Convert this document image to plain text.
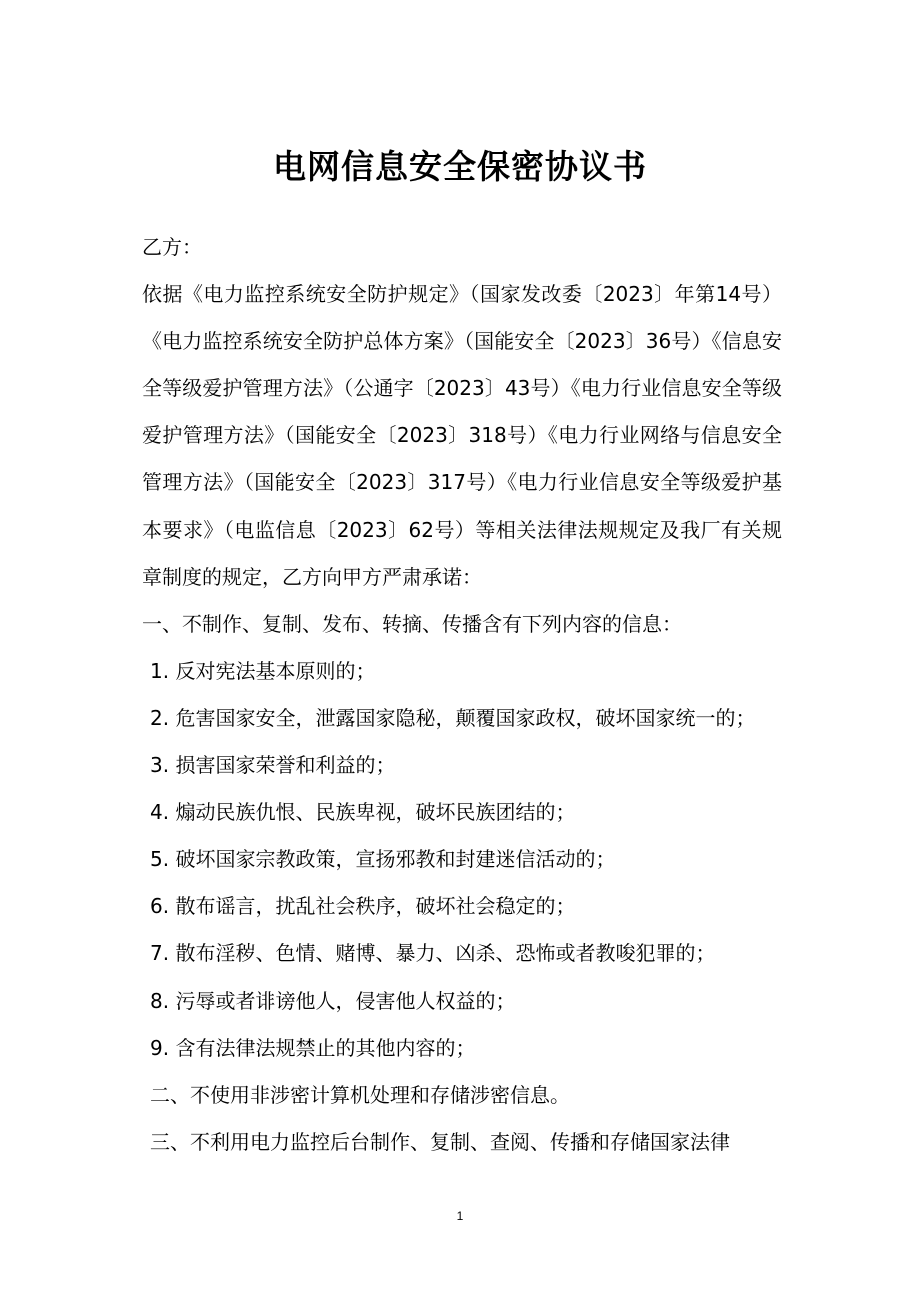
电网信息安全保密协议书
乙方：
依据《电力监控系统安全防护规定》（国家发改委〔2023〕年第14号）《电力监控系统安全防护总体方案》（国能安全〔2023〕36号）《信息安全等级爱护管理方法》（公通字〔2023〕43号）《电力行业信息安全等级爱护管理方法》（国能安全〔2023〕318号）《电力行业网络与信息安全管理方法》（国能安全〔2023〕317号）《电力行业信息安全等级爱护基本要求》（电监信息〔2023〕62号）等相关法律法规规定及我厂有关规章制度的规定，乙方向甲方严肃承诺：
一、不制作、复制、发布、转摘、传播含有下列内容的信息：
1. 反对宪法基本原则的；
2. 危害国家安全，泄露国家隐秘，颠覆国家政权，破坏国家统一的；
3. 损害国家荣誉和利益的；
4. 煽动民族仇恨、民族卑视，破坏民族团结的；
5. 破坏国家宗教政策，宣扬邪教和封建迷信活动的；
6. 散布谣言，扰乱社会秩序，破坏社会稳定的；
7. 散布淫秽、色情、赌博、暴力、凶杀、恐怖或者教唆犯罪的；
8. 污辱或者诽谤他人，侵害他人权益的；
9. 含有法律法规禁止的其他内容的；
二、不使用非涉密计算机处理和存储涉密信息。
三、不利用电力监控后台制作、复制、查阅、传播和存储国家法律
1
